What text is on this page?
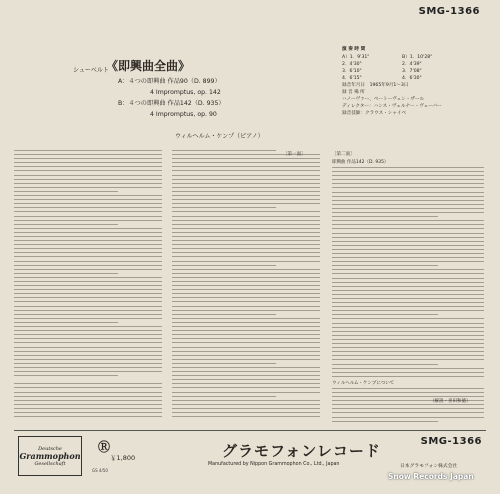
SMG-1366
シューベルト
《即興曲全曲》
A：４つの即興曲 作品90（D. 899）
4 Impromptus, op. 142
B：４つの即興曲 作品142（D. 935）
4 Impromptus, op. 90
ウィルヘルム・ケンプ（ピアノ）
演 奏 時 間
A）1．9'31"	B）1．10'28"
2．4'30"	2．4'39"
3．6'10"	3．7'08"
4．6'15"	4．6'30"
録音年月日　1965年9月1〜3日
録 音 場 所
ハノーヴァー、ベートーヴェン・ザール
ディレクター：ハンス・ヴェルナー・ヴェーバー
録音技師：クラウス・シャイベ
［第一面］	［第二面］
即興曲 作品142（D. 935）
ウィルヘルム・ケンプについて
（解説・喜田和徳）
Deutsche
Grammophon
Gesellschaft
GS 4/50
Ⓡ
￥1,800	グラモフォンレコード
Manufactured by Nippon Grammophon Co., Ltd., Japan
SMG-1366
日本グラモフォン株式会社
Snow Records Japan
